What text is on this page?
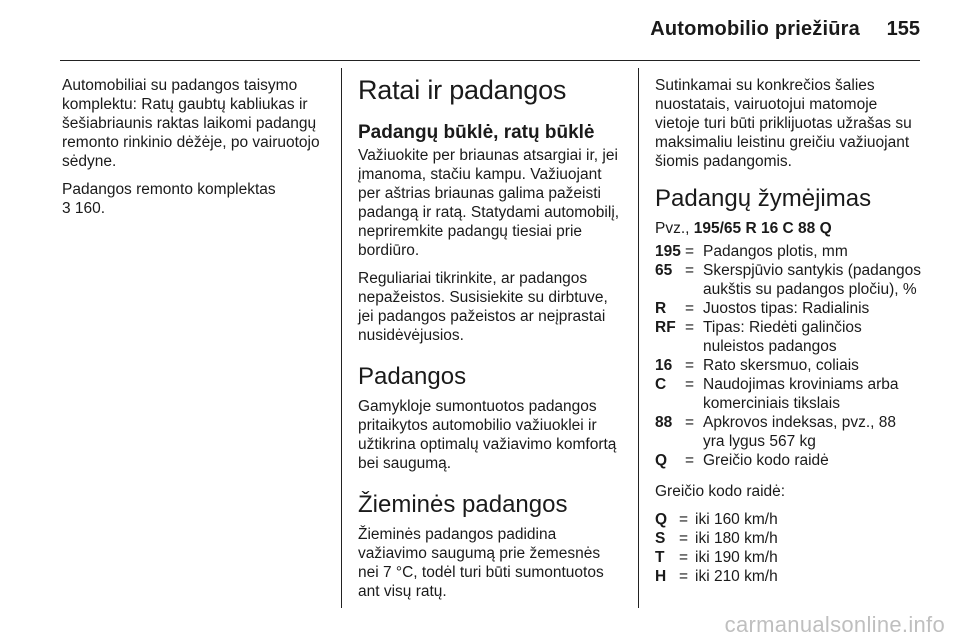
Automobilio priežiūra	155

Automobiliai su padangos taisymo komplektu: Ratų gaubtų kabliukas ir šešiabriaunis raktas laikomi padangų remonto rinkinio dėžėje, po vairuotojo sėdyne.

Padangos remonto komplektas
3 160.

Ratai ir padangos
Padangų būklė, ratų būklė

Važiuokite per briaunas atsargiai ir, jei įmanoma, stačiu kampu. Važiuojant per aštrias briaunas galima pažeisti padangą ir ratą. Statydami automobilį, nepriremkite padangų tiesiai prie bordiūro.

Reguliariai tikrinkite, ar padangos nepažeistos. Susisiekite su dirbtuve, jei padangos pažeistos ar neįprastai nusidėvėjusios.

Padangos

Gamykloje sumontuotos padangos pritaikytos automobilio važiuoklei ir užtikrina optimalų važiavimo komfortą bei saugumą.

Žieminės padangos

Žieminės padangos padidina važiavimo saugumą prie žemesnės nei 7 °C, todėl turi būti sumontuotos ant visų ratų.

Sutinkamai su konkrečios šalies nuostatais, vairuotojui matomoje vietoje turi būti priklijuotas užrašas su maksimaliu leistinu greičiu važiuojant šiomis padangomis.

Padangų žymėjimas
Pvz., 195/65 R 16 C 88 Q
195	=	Padangos plotis, mm
65	=	Skerspjūvio santykis (padangos aukštis su padangos pločiu), %
R	=	Juostos tipas: Radialinis
RF	=	Tipas: Riedėti galinčios nuleistos padangos
16	=	Rato skersmuo, coliais
C	=	Naudojimas kroviniams arba komerciniais tikslais
88	=	Apkrovos indeksas, pvz., 88 yra lygus 567 kg
Q	=	Greičio kodo raidė

Greičio kodo raidė:

Q	=	iki 160 km/h
S	=	iki 180 km/h
T	=	iki 190 km/h
H	=	iki 210 km/h
carmanualsonline.info
